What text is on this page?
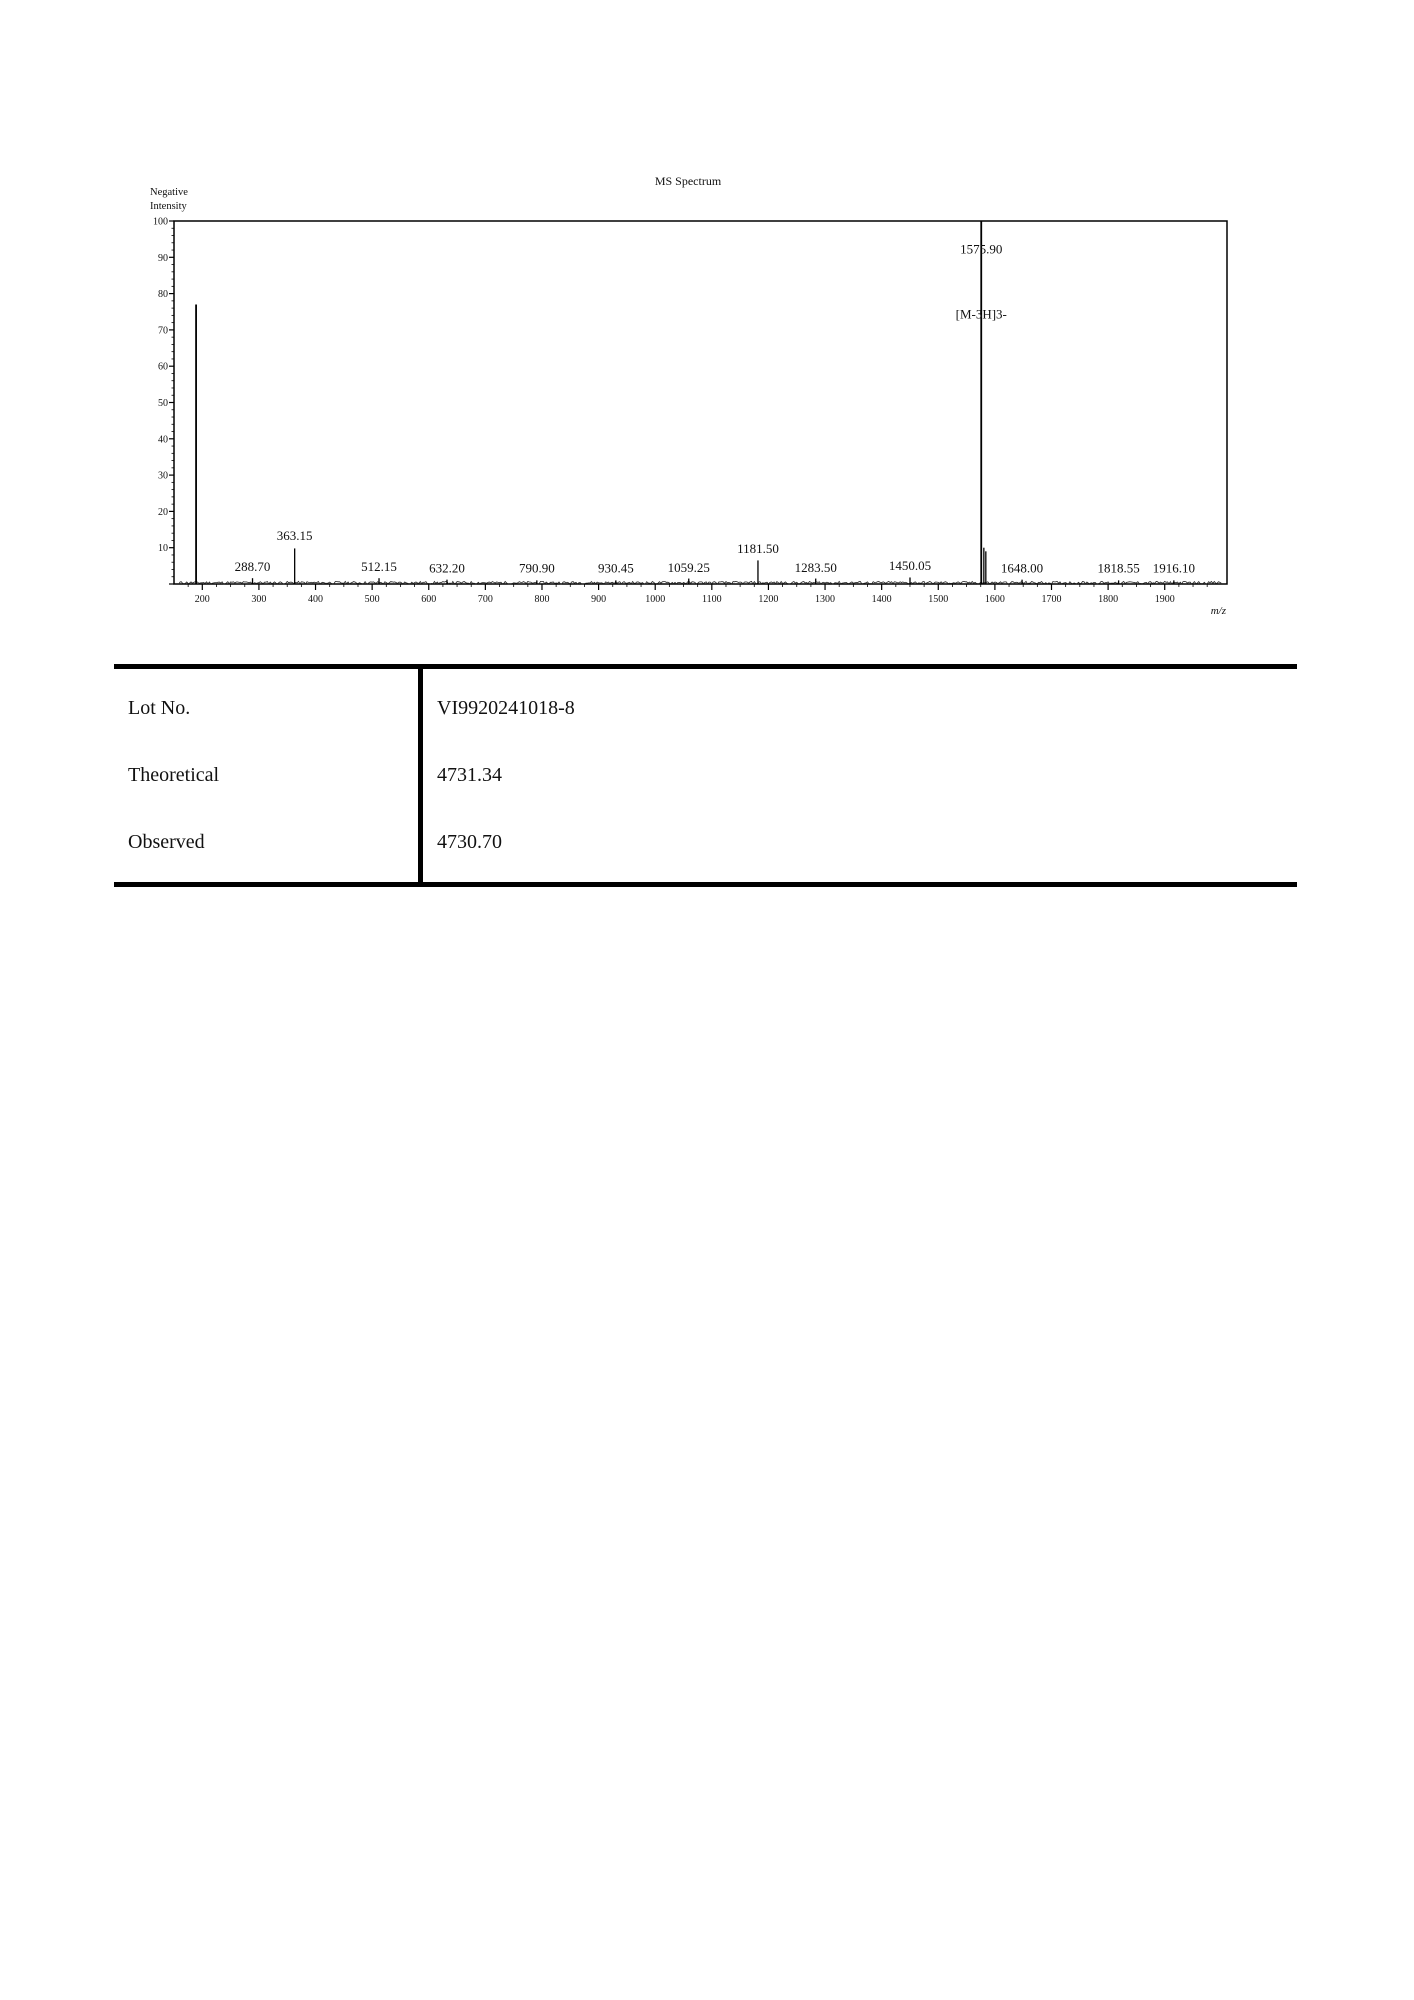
MS Spectrum
Negative
Intensity
10
20
30
40
50
60
70
80
90
100
200	300	400	500	600	700	800	900	1000	1100	1200	1300	1400	1500	1600	1700	1800	1900
288.70
363.15
512.15 632.20	790.90	930.45	1059.25
1181.50
1283.50	1450.05
1575.90
[M-3H]3-
1648.00	1818.55 1916.10
m/z
Lot No.	VI9920241018-8
Theoretical	4731.34
Observed	4730.70
